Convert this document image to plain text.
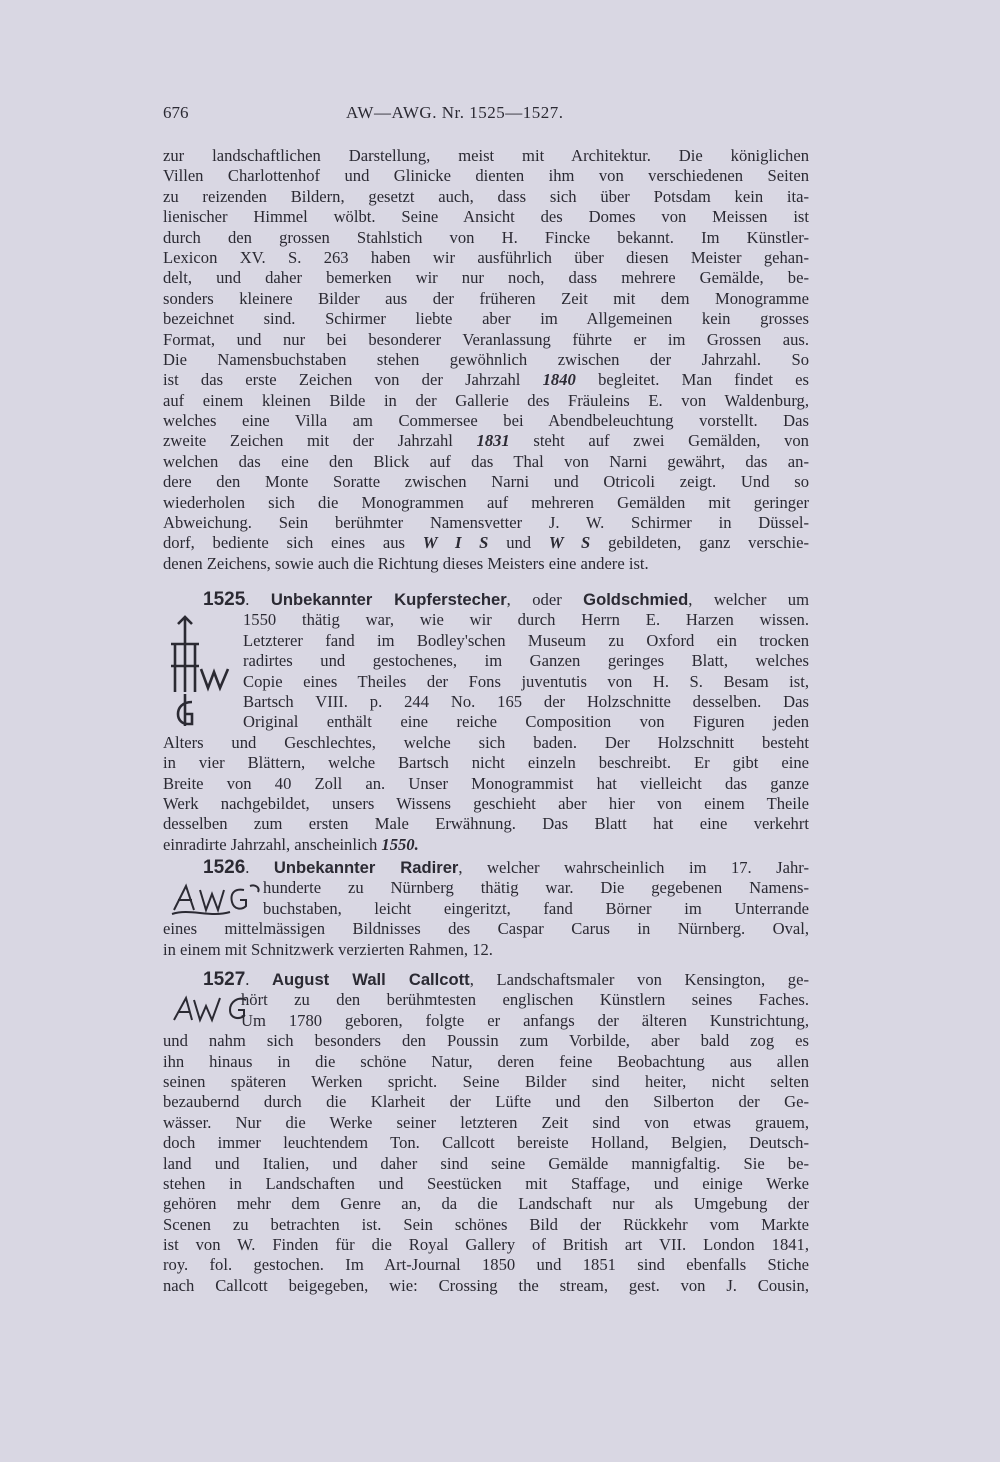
676	AW—AWG. Nr. 1525—1527.
zur landschaftlichen Darstellung, meist mit Architektur. Die königlichen
Villen Charlottenhof und Glinicke dienten ihm von verschiedenen Seiten
zu reizenden Bildern, gesetzt auch, dass sich über Potsdam kein ita-
lienischer Himmel wölbt. Seine Ansicht des Domes von Meissen ist
durch den grossen Stahlstich von H. Fincke bekannt. Im Künstler-
Lexicon XV. S. 263 haben wir ausführlich über diesen Meister gehan-
delt, und daher bemerken wir nur noch, dass mehrere Gemälde, be-
sonders kleinere Bilder aus der früheren Zeit mit dem Monogramme
bezeichnet sind. Schirmer liebte aber im Allgemeinen kein grosses
Format, und nur bei besonderer Veranlassung führte er im Grossen aus.
Die Namensbuchstaben stehen gewöhnlich zwischen der Jahrzahl. So
ist das erste Zeichen von der Jahrzahl 1840 begleitet. Man findet es
auf einem kleinen Bilde in der Gallerie des Fräuleins E. von Waldenburg,
welches eine Villa am Commersee bei Abendbeleuchtung vorstellt. Das
zweite Zeichen mit der Jahrzahl 1831 steht auf zwei Gemälden, von
welchen das eine den Blick auf das Thal von Narni gewährt, das an-
dere den Monte Soratte zwischen Narni und Otricoli zeigt. Und so
wiederholen sich die Monogrammen auf mehreren Gemälden mit geringer
Abweichung. Sein berühmter Namensvetter J. W. Schirmer in Düssel-
dorf, bediente sich eines aus W I S und W S gebildeten, ganz verschie-
denen Zeichens, sowie auch die Richtung dieses Meisters eine andere ist.
1525. Unbekannter Kupferstecher, oder Goldschmied, welcher um
1550 thätig war, wie wir durch Herrn E. Harzen wissen.
Letzterer fand im Bodley'schen Museum zu Oxford ein trocken
radirtes und gestochenes, im Ganzen geringes Blatt, welches
Copie eines Theiles der Fons juventutis von H. S. Besam ist,
Bartsch VIII. p. 244 No. 165 der Holzschnitte desselben. Das
Original enthält eine reiche Composition von Figuren jeden
Alters und Geschlechtes, welche sich baden. Der Holzschnitt besteht
in vier Blättern, welche Bartsch nicht einzeln beschreibt. Er gibt eine
Breite von 40 Zoll an. Unser Monogrammist hat vielleicht das ganze
Werk nachgebildet, unsers Wissens geschieht aber hier von einem Theile
desselben zum ersten Male Erwähnung. Das Blatt hat eine verkehrt
einradirte Jahrzahl, anscheinlich 1550.
1526. Unbekannter Radirer, welcher wahrscheinlich im 17. Jahr-
hunderte zu Nürnberg thätig war. Die gegebenen Namens-
buchstaben, leicht eingeritzt, fand Börner im Unterrande
eines mittelmässigen Bildnisses des Caspar Carus in Nürnberg. Oval,
in einem mit Schnitzwerk verzierten Rahmen, 12.
1527. August Wall Callcott, Landschaftsmaler von Kensington, ge-
hört zu den berühmtesten englischen Künstlern seines Faches.
Um 1780 geboren, folgte er anfangs der älteren Kunstrichtung,
und nahm sich besonders den Poussin zum Vorbilde, aber bald zog es
ihn hinaus in die schöne Natur, deren feine Beobachtung aus allen
seinen späteren Werken spricht. Seine Bilder sind heiter, nicht selten
bezaubernd durch die Klarheit der Lüfte und den Silberton der Ge-
wässer. Nur die Werke seiner letzteren Zeit sind von etwas grauem,
doch immer leuchtendem Ton. Callcott bereiste Holland, Belgien, Deutsch-
land und Italien, und daher sind seine Gemälde mannigfaltig. Sie be-
stehen in Landschaften und Seestücken mit Staffage, und einige Werke
gehören mehr dem Genre an, da die Landschaft nur als Umgebung der
Scenen zu betrachten ist. Sein schönes Bild der Rückkehr vom Markte
ist von W. Finden für die Royal Gallery of British art VII. London 1841,
roy. fol. gestochen. Im Art-Journal 1850 und 1851 sind ebenfalls Stiche
nach Callcott beigegeben, wie: Crossing the stream, gest. von J. Cousin,
